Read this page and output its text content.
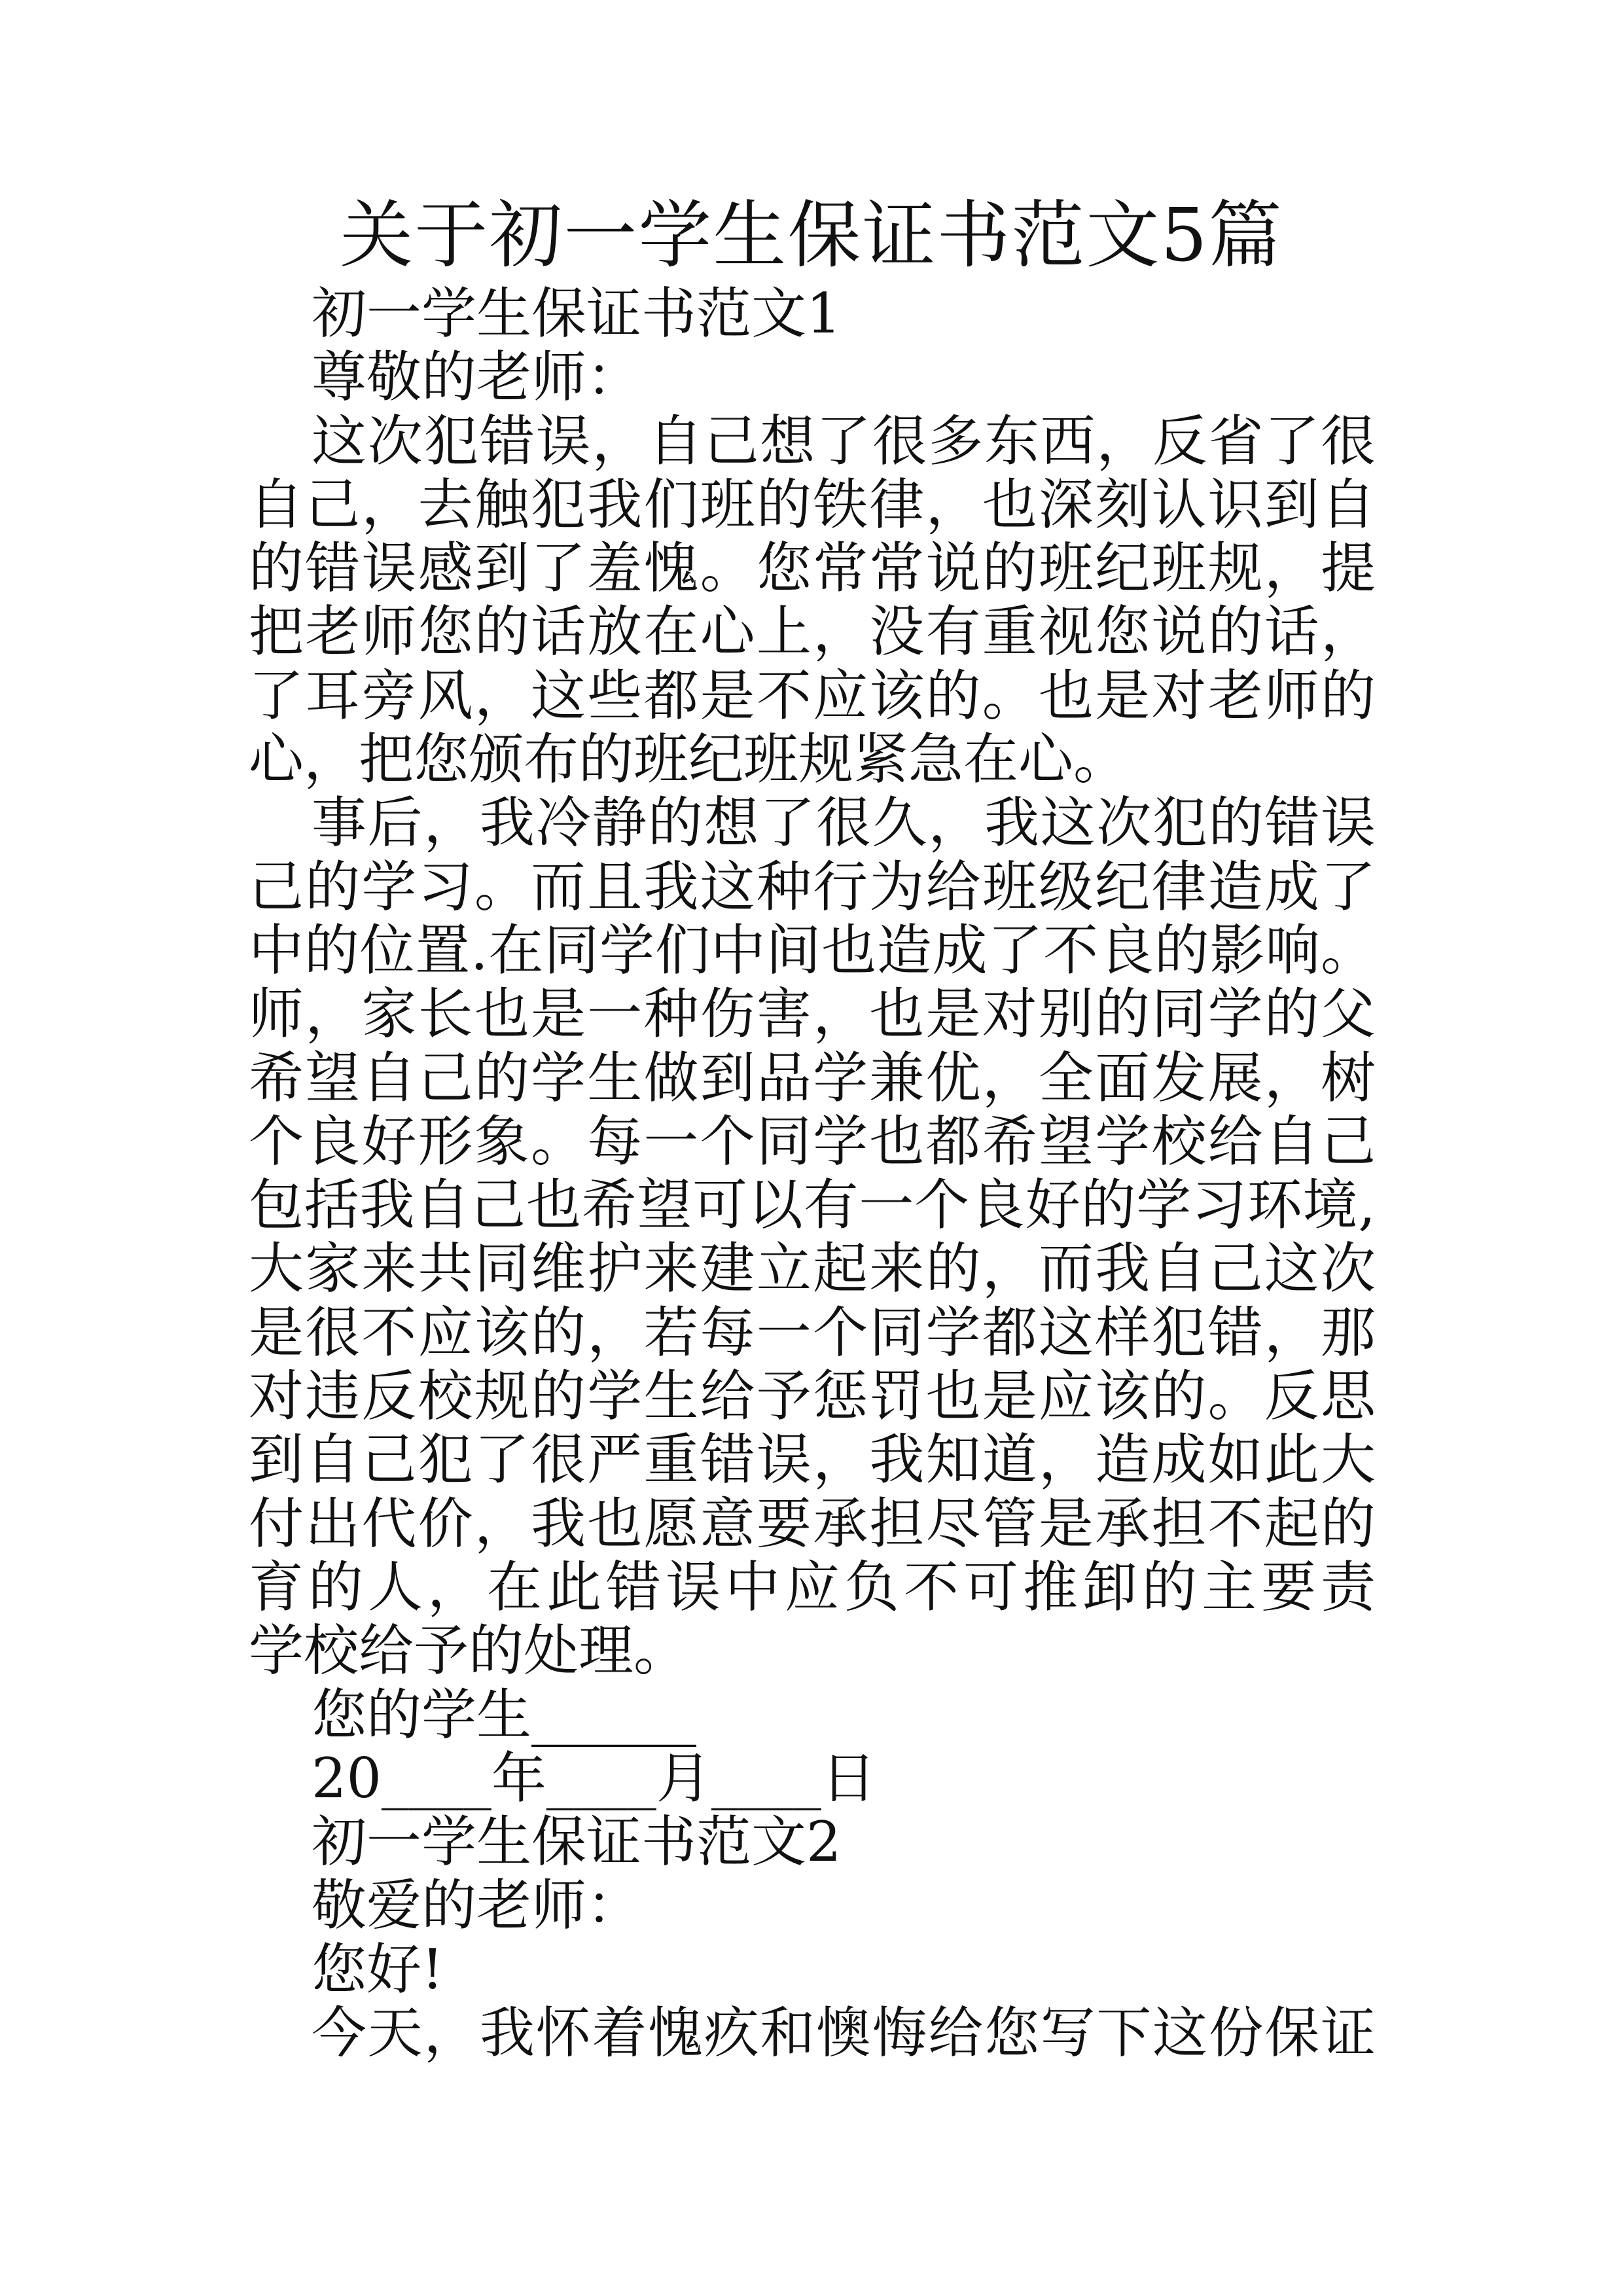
关于初一学生保证书范文5篇
初一学生保证书范文1
尊敬的老师：
这次犯错误，自己想了很多东西，反省了很
自己，去触犯我们班的铁律，也深刻认识到自
的错误感到了羞愧。您常常说的班纪班规，提
把老师您的话放在心上，没有重视您说的话，
了耳旁风，这些都是不应该的。也是对老师的
心，把您颁布的班纪班规紧急在心。
事后，我冷静的想了很久，我这次犯的错误
己的学习。而且我这种行为给班级纪律造成了
中的位置.在同学们中间也造成了不良的影响。
师，家长也是一种伤害，也是对别的同学的父
希望自己的学生做到品学兼优，全面发展，树
个良好形象。每一个同学也都希望学校给自己
包括我自己也希望可以有一个良好的学习环境,
大家来共同维护来建立起来的，而我自己这次
是很不应该的，若每一个同学都这样犯错，那
对违反校规的学生给予惩罚也是应该的。反思
到自己犯了很严重错误，我知道，造成如此大
付出代价，我也愿意要承担尽管是承担不起的
育的人，在此错误中应负不可推卸的主要责
学校给予的处理。
您的学生______
20____年____月____日
初一学生保证书范文2
敬爱的老师：
您好!
今天，我怀着愧疚和懊悔给您写下这份保证
